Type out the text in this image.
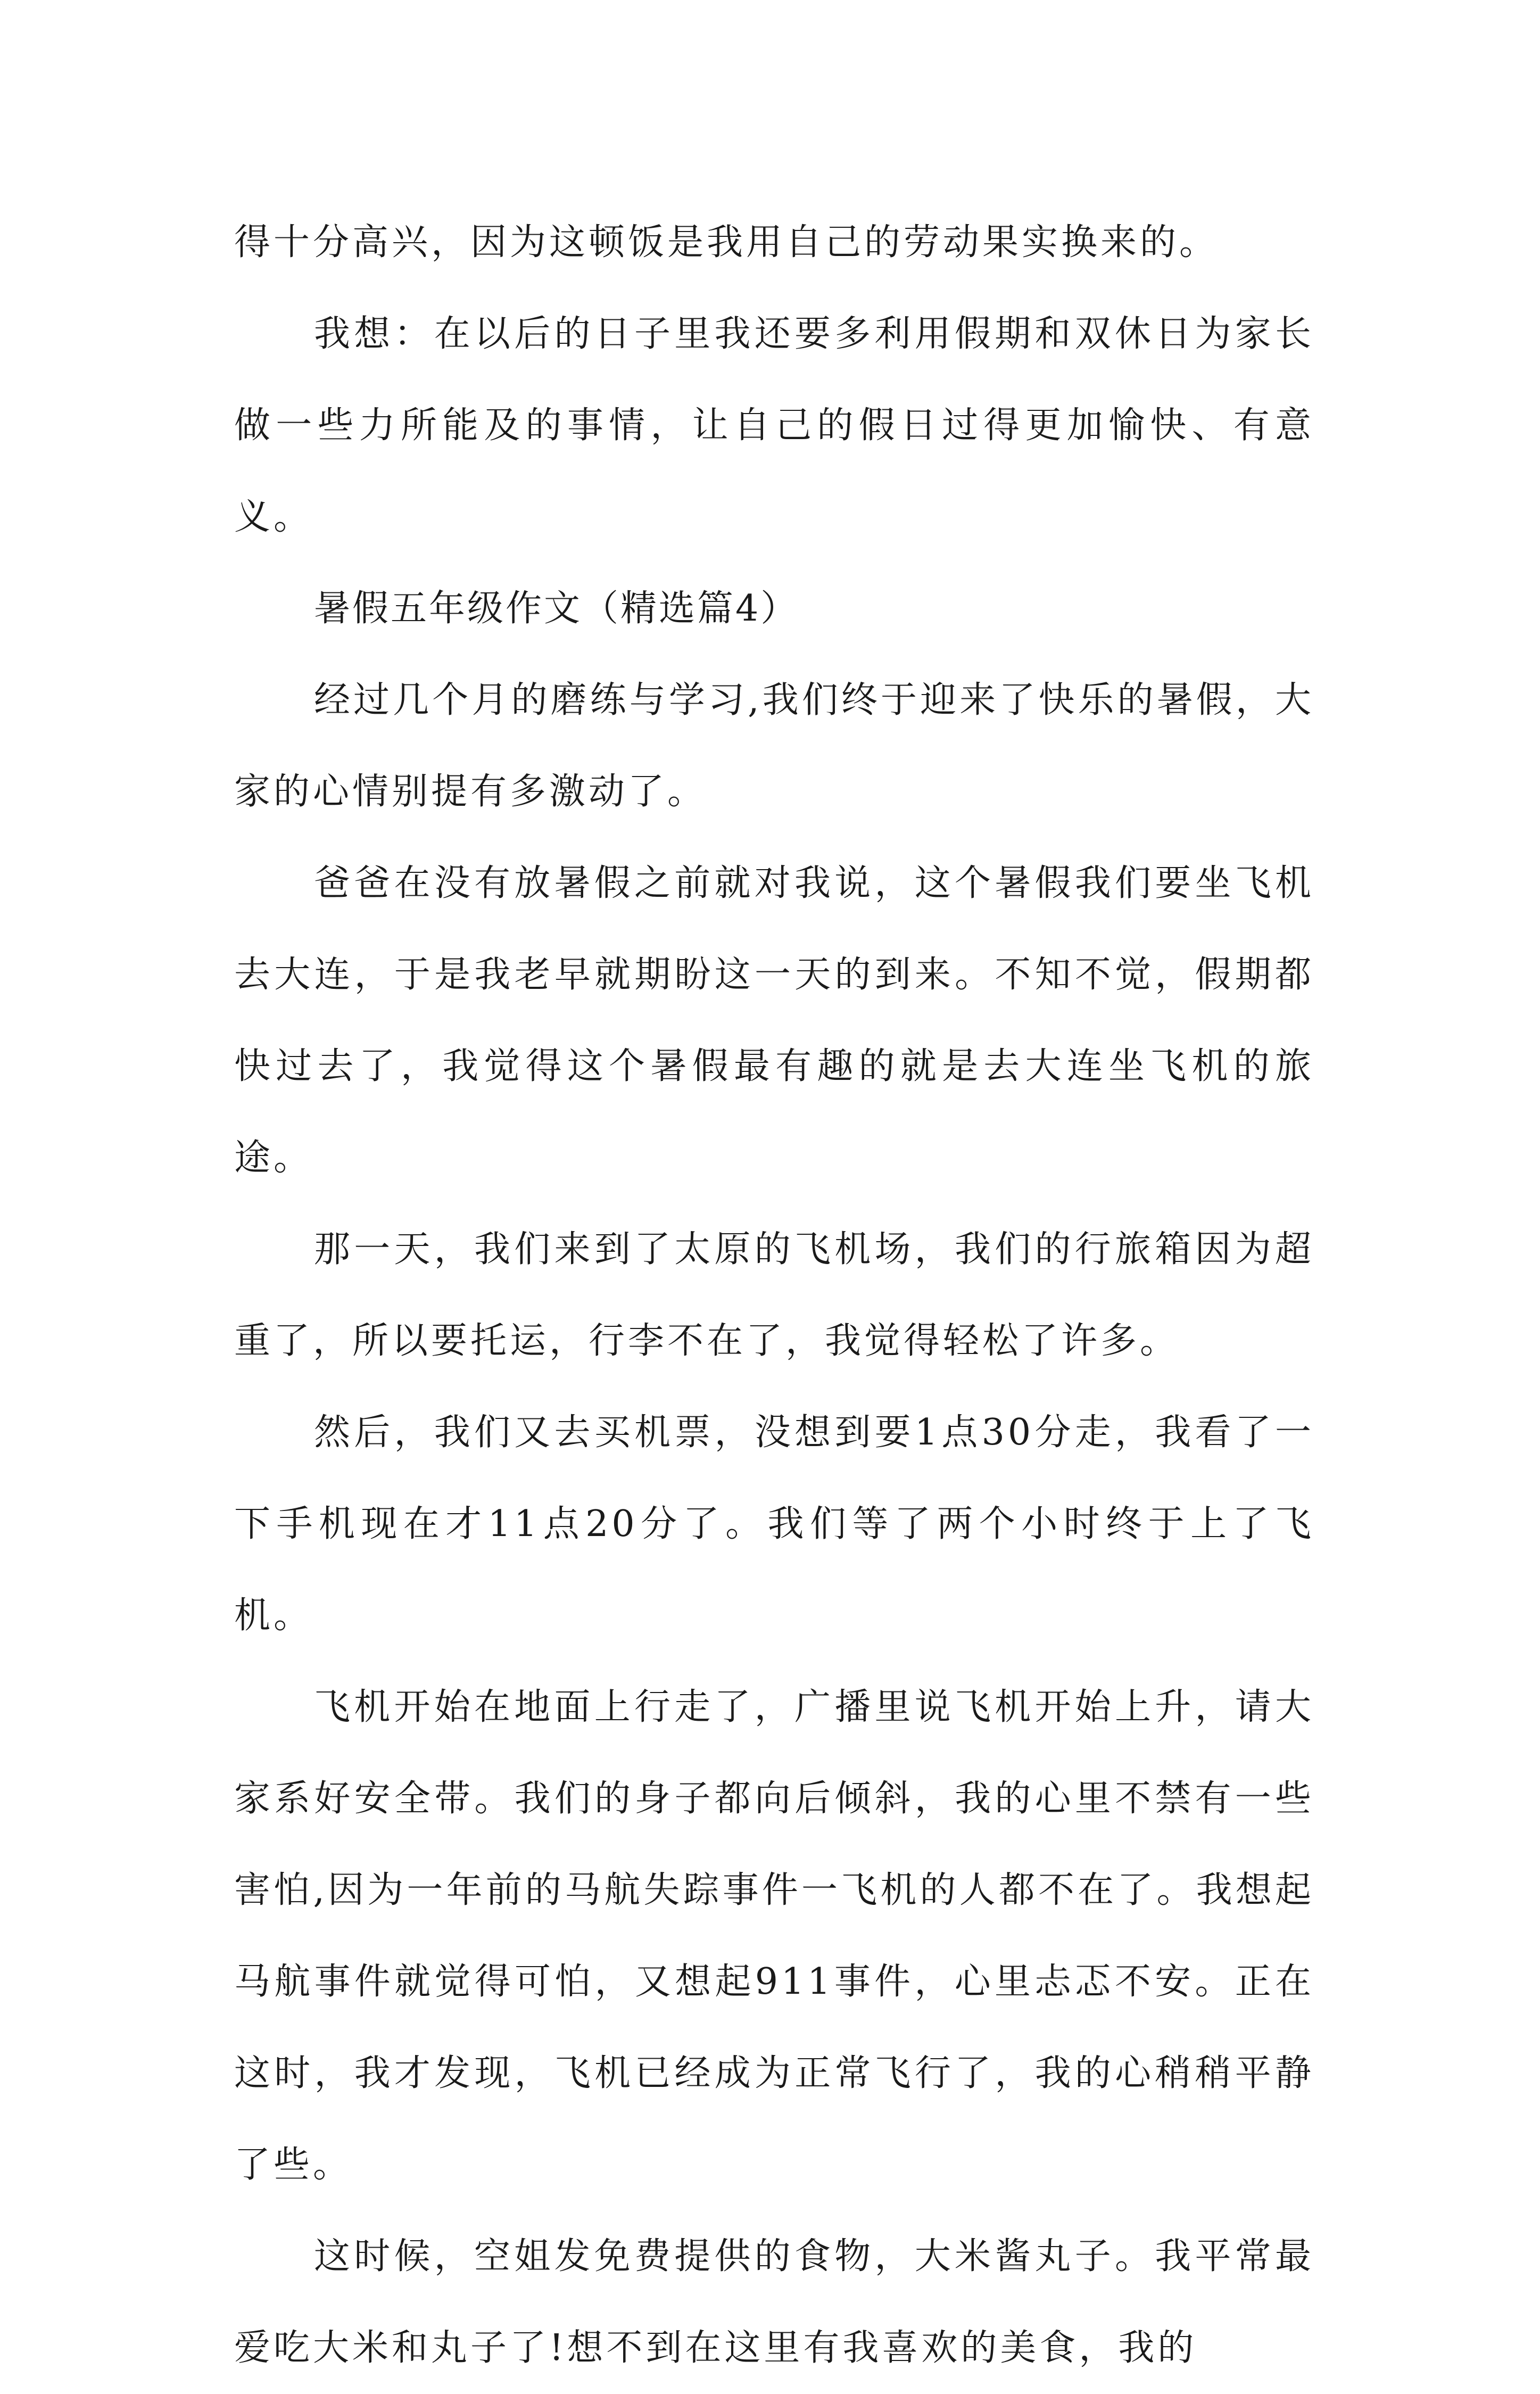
得十分高兴，因为这顿饭是我用自己的劳动果实换来的。

我想：在以后的日子里我还要多利用假期和双休日为家长做一些力所能及的事情，让自己的假日过得更加愉快、有意义。

暑假五年级作文（精选篇4）

经过几个月的磨练与学习,我们终于迎来了快乐的暑假，大家的心情别提有多激动了。

爸爸在没有放暑假之前就对我说，这个暑假我们要坐飞机去大连，于是我老早就期盼这一天的到来。不知不觉，假期都快过去了，我觉得这个暑假最有趣的就是去大连坐飞机的旅途。

那一天，我们来到了太原的飞机场，我们的行旅箱因为超重了，所以要托运，行李不在了，我觉得轻松了许多。

然后，我们又去买机票，没想到要1点30分走，我看了一下手机现在才11点20分了。我们等了两个小时终于上了飞机。

飞机开始在地面上行走了，广播里说飞机开始上升，请大家系好安全带。我们的身子都向后倾斜，我的心里不禁有一些害怕,因为一年前的马航失踪事件一飞机的人都不在了。我想起马航事件就觉得可怕，又想起911事件，心里忐忑不安。正在这时，我才发现，飞机已经成为正常飞行了，我的心稍稍平静了些。

这时候，空姐发免费提供的食物，大米酱丸子。我平常最爱吃大米和丸子了!想不到在这里有我喜欢的美食，我的
